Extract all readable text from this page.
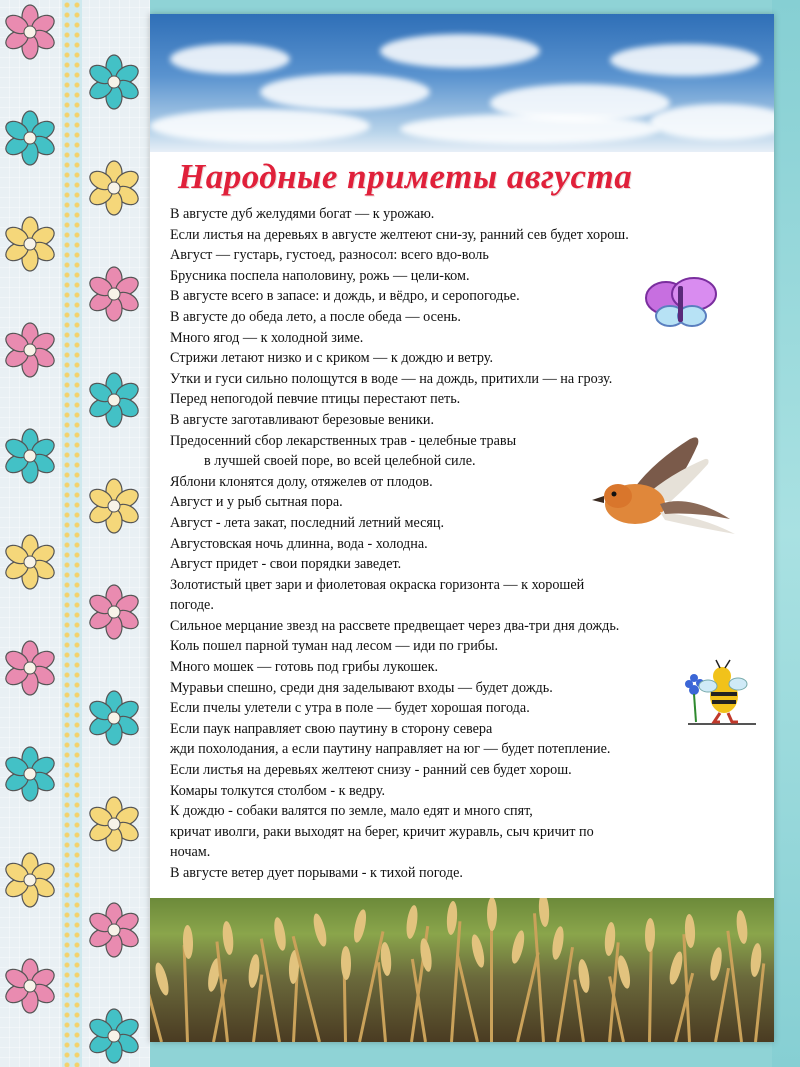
Народные приметы августа
В августе дуб желудями богат — к урожаю.
Если листья на деревьях в августе желтеют сни-зу, ранний сев будет хорош.
Август — густарь, густоед, разносол: всего вдо-воль
Брусника поспела наполовину, рожь — цели-ком.
В августе всего в запасе: и дождь, и вёдро, и серопогодье.
В августе до обеда лето, а после обеда — осень.
Много ягод — к холодной зиме.
Стрижи летают низко и с криком — к дождю и ветру.
Утки и гуси сильно полощутся в воде — на дождь, притихли — на грозу.
Перед непогодой певчие птицы перестают петь.
В августе заготавливают березовые веники.
Предосенний сбор лекарственных трав - целебные травы
в лучшей своей поре, во всей целебной силе.
Яблони клонятся долу, отяжелев от плодов.
Август и у рыб сытная пора.
Август - лета закат, последний летний месяц.
Августовская ночь длинна, вода - холодна.
Август придет - свои порядки заведет.
Золотистый цвет зари и фиолетовая окраска горизонта — к хорошей
погоде.
Сильное мерцание звезд на рассвете предвещает через два-три дня дождь.
Коль пошел парной туман над лесом — иди по грибы.
Много мошек — готовь под грибы лукошек.
Муравьи спешно, среди дня заделывают входы — будет дождь.
Если пчелы улетели с утра в поле — будет хорошая погода.
Если паук направляет свою паутину в сторону севера
жди похолодания, а если паутину направляет на юг — будет потепление.
Если листья на деревьях желтеют снизу - ранний сев будет хорош.
Комары толкутся столбом - к ведру.
К дождю - собаки валятся по земле, мало едят и много спят,
кричат иволги, раки выходят на берег, кричит журавль, сыч кричит по
ночам.
В августе ветер дует порывами - к тихой погоде.
